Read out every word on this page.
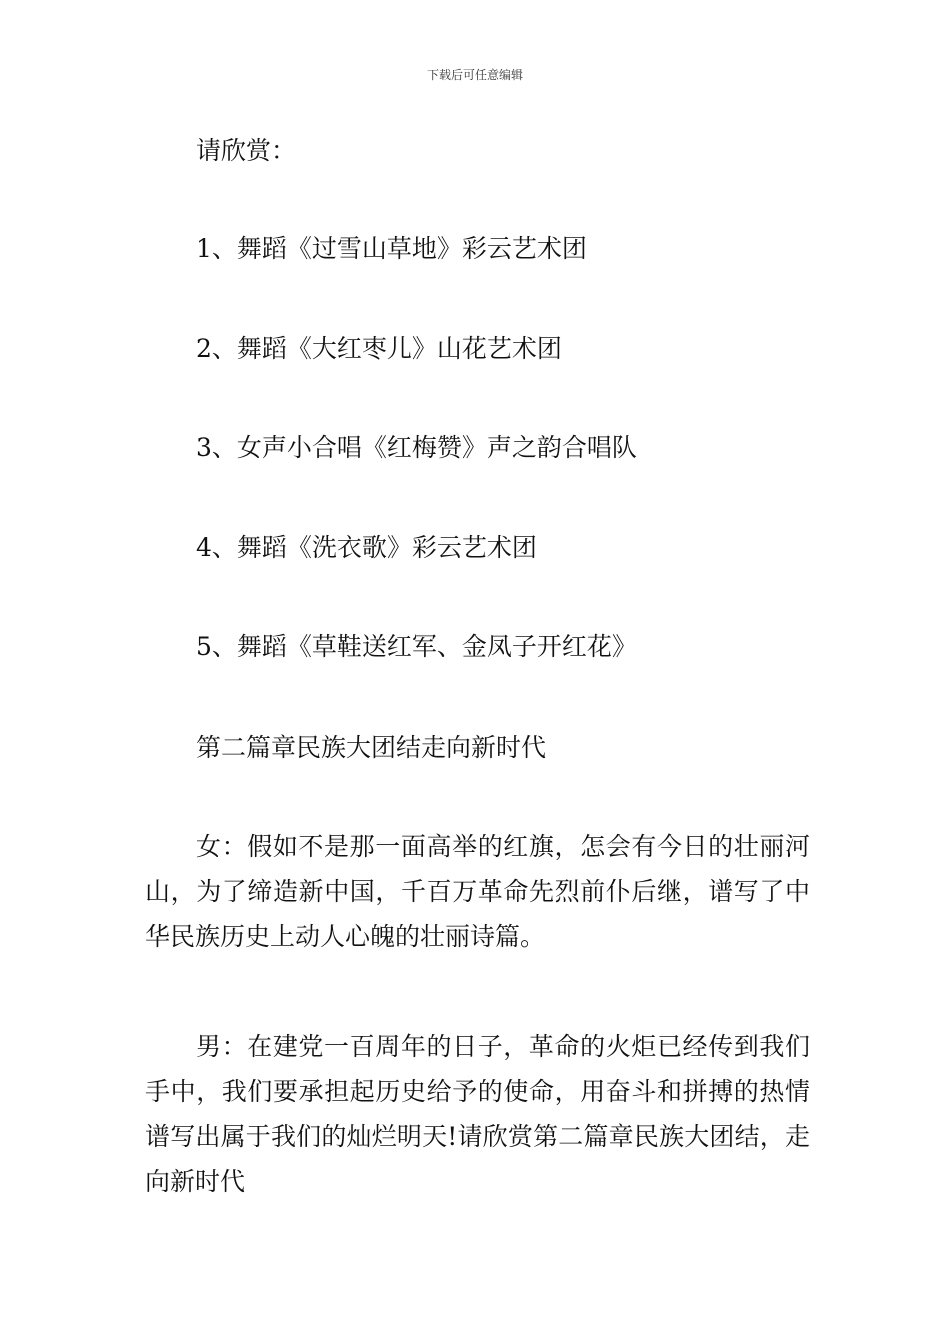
下载后可任意编辑
请欣赏：
1、舞蹈《过雪山草地》彩云艺术团
2、舞蹈《大红枣儿》山花艺术团
3、女声小合唱《红梅赞》声之韵合唱队
4、舞蹈《洗衣歌》彩云艺术团
5、舞蹈《草鞋送红军、金凤子开红花》
第二篇章民族大团结走向新时代
女：假如不是那一面高举的红旗，怎会有今日的壮丽河山，为了缔造新中国，千百万革命先烈前仆后继，谱写了中华民族历史上动人心魄的壮丽诗篇。
男：在建党一百周年的日子，革命的火炬已经传到我们手中，我们要承担起历史给予的使命，用奋斗和拼搏的热情谱写出属于我们的灿烂明天!请欣赏第二篇章民族大团结，走向新时代
